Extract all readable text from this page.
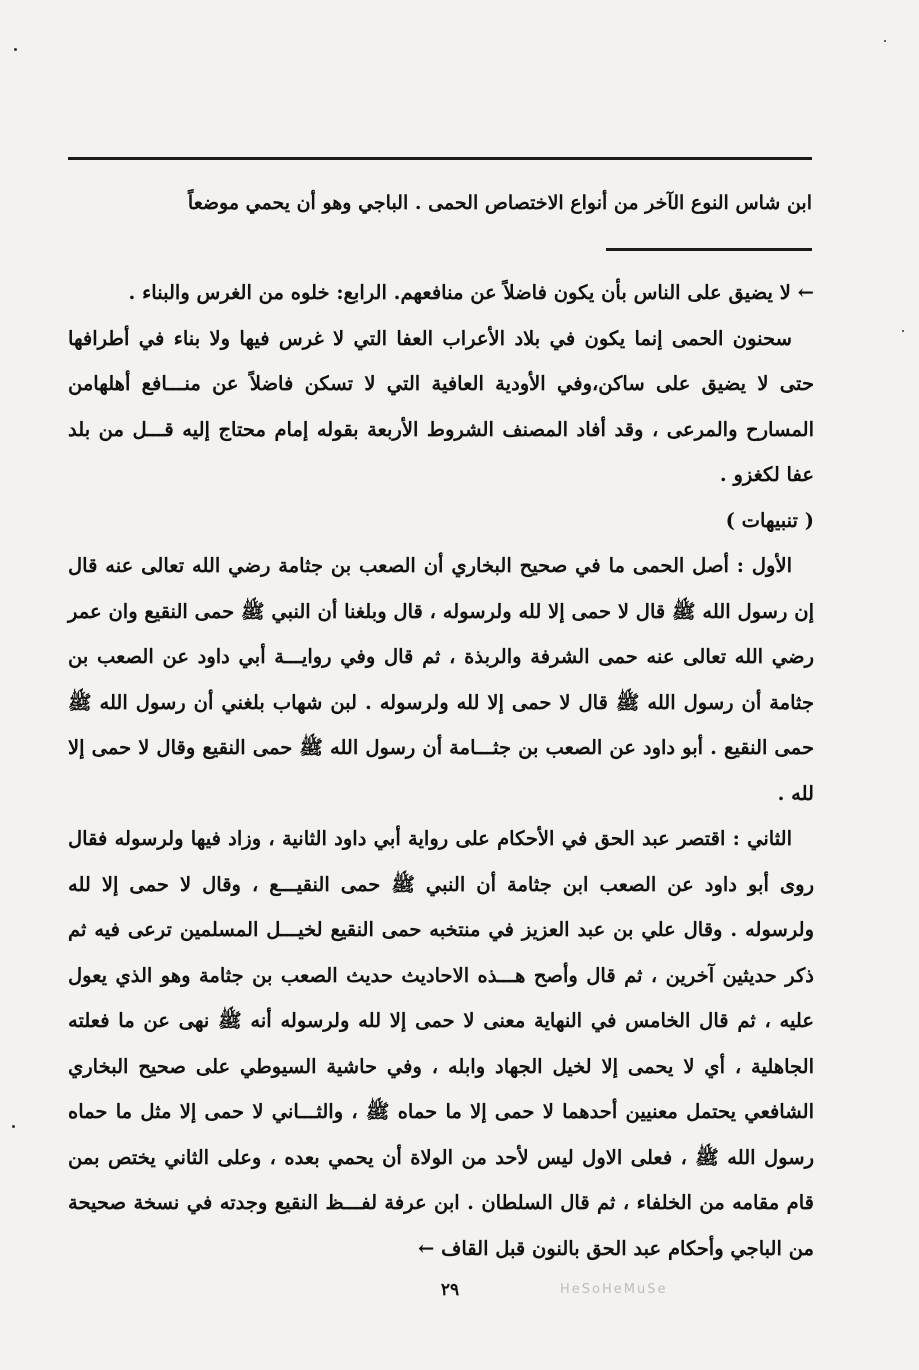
ابن شاس النوع الآخر من أنواع الاختصاص الحمى . الباجي وهو أن يحمي موضعاً

← لا يضيق على الناس بأن يكون فاضلاً عن منافعهم. الرابع: خلوه من الغرس والبناء .

سحنون الحمى إنما يكون في بلاد الأعراب العفا التي لا غرس فيها ولا بناء في أطرافها حتى لا يضيق على ساكن،وفي الأودية العافية التي لا تسكن فاضلاً عن منـــافع أهلهامن المسارح والمرعى ، وقد أفاد المصنف الشروط الأربعة بقوله إمام محتاج إليه قـــل من بلد عفا لكغزو .

( تنبيهات )

الأول : أصل الحمى ما في صحيح البخاري أن الصعب بن جثامة رضي الله تعالى عنه قال إن رسول الله ﷺ قال لا حمى إلا لله ولرسوله ، قال وبلغنا أن النبي ﷺ حمى النقيع وان عمر رضي الله تعالى عنه حمى الشرفة والربذة ، ثم قال وفي روايـــة أبي داود عن الصعب بن جثامة أن رسول الله ﷺ قال لا حمى إلا لله ولرسوله . لبن شهاب بلغني أن رسول الله ﷺ حمى النقيع . أبو داود عن الصعب بن جثـــامة أن رسول الله ﷺ حمى النقيع وقال لا حمى إلا لله .

الثاني : اقتصر عبد الحق في الأحكام على رواية أبي داود الثانية ، وزاد فيها ولرسوله فقال روى أبو داود عن الصعب ابن جثامة أن النبي ﷺ حمى النقيـــع ، وقال لا حمى إلا لله ولرسوله . وقال علي بن عبد العزيز في منتخبه حمى النقيع لخيـــل المسلمين ترعى فيه ثم ذكر حديثين آخرين ، ثم قال وأصح هـــذه الاحاديث حديث الصعب بن جثامة وهو الذي يعول عليه ، ثم قال الخامس في النهاية معنى لا حمى إلا لله ولرسوله أنه ﷺ نهى عن ما فعلته الجاهلية ، أي لا يحمى إلا لخيل الجهاد وابله ، وفي حاشية السيوطي على صحيح البخاري الشافعي يحتمل معنيين أحدهما لا حمى إلا ما حماه ﷺ ، والثـــاني لا حمى إلا مثل ما حماه رسول الله ﷺ ، فعلى الاول ليس لأحد من الولاة أن يحمي بعده ، وعلى الثاني يختص بمن قام مقامه من الخلفاء ، ثم قال السلطان . ابن عرفة لفـــظ النقيع وجدته في نسخة صحيحة من الباجي وأحكام عبد الحق بالنون قبل القاف ←

٢٩	HeSoHeMuSe
